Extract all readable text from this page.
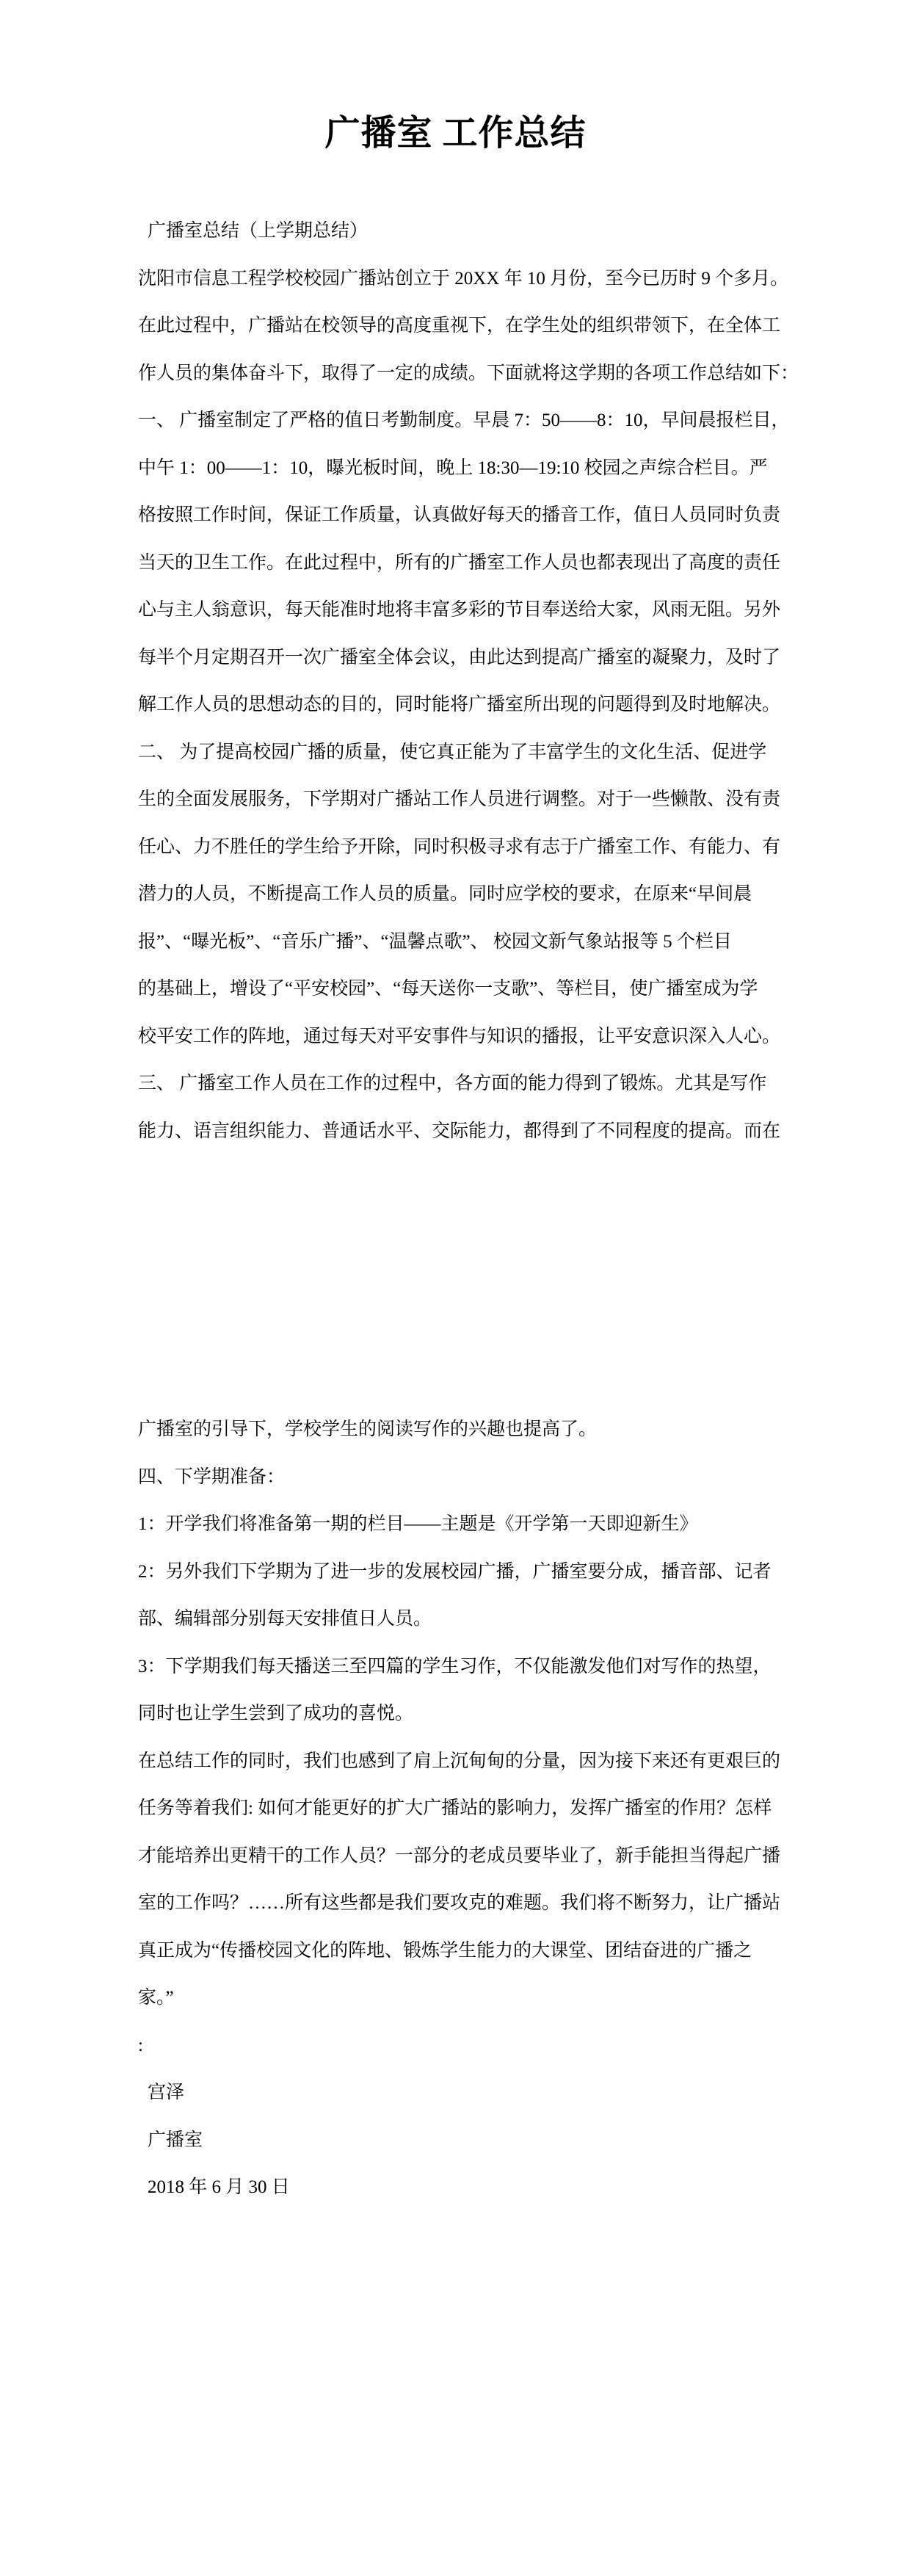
广播室 工作总结
广播室总结（上学期总结）
沈阳市信息工程学校校园广播站创立于 20XX 年 10 月份，至今已历时 9 个多月。
在此过程中，广播站在校领导的高度重视下，在学生处的组织带领下，在全体工
作人员的集体奋斗下，取得了一定的成绩。下面就将这学期的各项工作总结如下：
一、 广播室制定了严格的值日考勤制度。早晨 7：50——8：10，早间晨报栏目，
中午 1：00——1：10，曝光板时间，晚上 18:30—19:10 校园之声综合栏目。严
格按照工作时间，保证工作质量，认真做好每天的播音工作，值日人员同时负责
当天的卫生工作。在此过程中，所有的广播室工作人员也都表现出了高度的责任
心与主人翁意识，每天能准时地将丰富多彩的节目奉送给大家，风雨无阻。另外
每半个月定期召开一次广播室全体会议，由此达到提高广播室的凝聚力，及时了
解工作人员的思想动态的目的，同时能将广播室所出现的问题得到及时地解决。
二、 为了提高校园广播的质量，使它真正能为了丰富学生的文化生活、促进学
生的全面发展服务，下学期对广播站工作人员进行调整。对于一些懒散、没有责
任心、力不胜任的学生给予开除，同时积极寻求有志于广播室工作、有能力、有
潜力的人员，不断提高工作人员的质量。同时应学校的要求，在原来“早间晨
报”、“曝光板”、“音乐广播”、“温馨点歌”、 校园文新气象站报等 5 个栏目
的基础上，增设了“平安校园”、“每天送你一支歌”、等栏目，使广播室成为学
校平安工作的阵地，通过每天对平安事件与知识的播报，让平安意识深入人心。
三、 广播室工作人员在工作的过程中，各方面的能力得到了锻炼。尤其是写作
能力、语言组织能力、普通话水平、交际能力，都得到了不同程度的提高。而在
广播室的引导下，学校学生的阅读写作的兴趣也提高了。
四、下学期准备：
1：开学我们将准备第一期的栏目——主题是《开学第一天即迎新生》
2：另外我们下学期为了进一步的发展校园广播，广播室要分成，播音部、记者
部、编辑部分别每天安排值日人员。
3：下学期我们每天播送三至四篇的学生习作，不仅能激发他们对写作的热望，
同时也让学生尝到了成功的喜悦。
在总结工作的同时，我们也感到了肩上沉甸甸的分量，因为接下来还有更艰巨的
任务等着我们: 如何才能更好的扩大广播站的影响力，发挥广播室的作用？怎样
才能培养出更精干的工作人员？一部分的老成员要毕业了，新手能担当得起广播
室的工作吗？……所有这些都是我们要攻克的难题。我们将不断努力，让广播站
真正成为“传播校园文化的阵地、锻炼学生能力的大课堂、团结奋进的广播之
家。”
:
宫泽
广播室
2018 年 6 月 30 日
